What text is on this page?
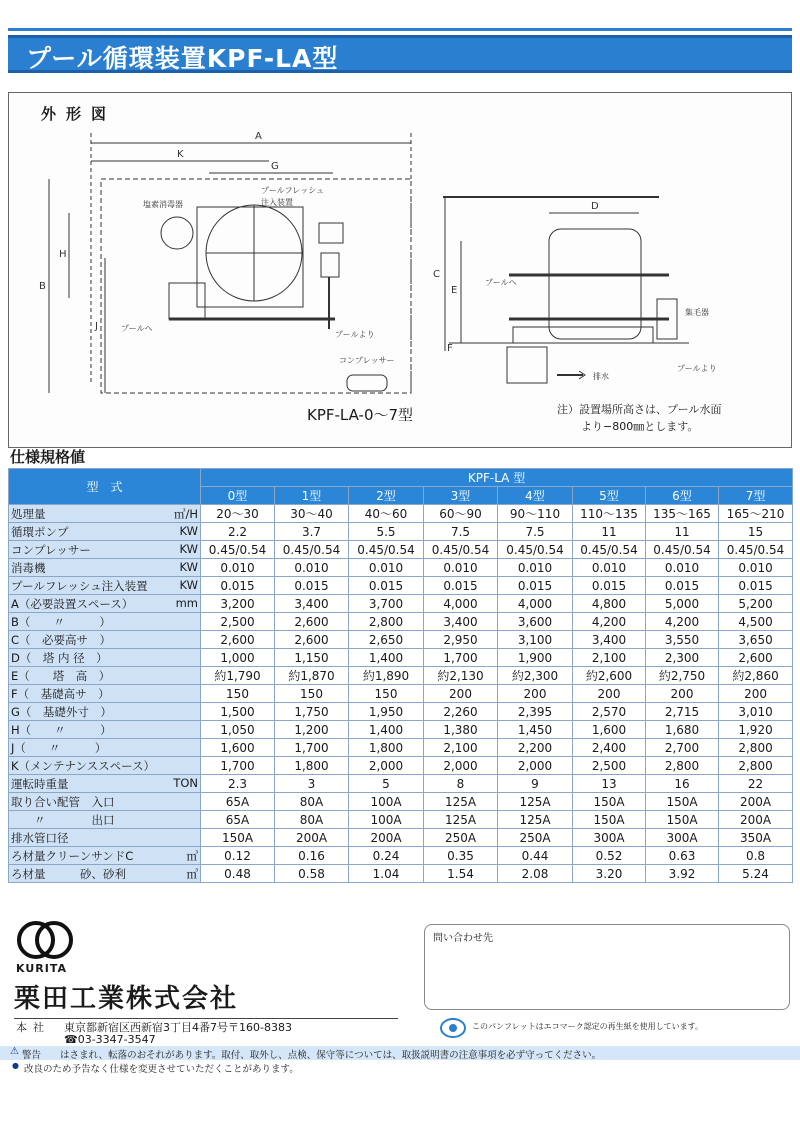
プール循環装置KPF-LA型
外形図
A
K
G
B
H
J
C
E
D
F
塩素消毒器
プールフレッシュ
注入装置
プールへ
プールより
コンプレッサー
プールへ
集毛器
プールより
排水
KPF-LA-0〜7型	注）設置場所高さは、プール水面
より−800㎜とします。
仕様規格値
型　式	KPF-LA 型							
	0型	1型	2型	3型	4型	5型	6型	7型

㎥/H
処理量	20〜30	30〜40	40〜60	60〜90	90〜110	110〜135	135〜165	165〜210

KW
循環ポンプ	2.2	3.7	5.5	7.5	7.5	11	11	15

KW
コンプレッサー	0.45/0.54	0.45/0.54	0.45/0.54	0.45/0.54	0.45/0.54	0.45/0.54	0.45/0.54	0.45/0.54

KW
消毒機	0.010	0.010	0.010	0.010	0.010	0.010	0.010	0.010

KW
プールフレッシュ注入装置	0.015	0.015	0.015	0.015	0.015	0.015	0.015	0.015

mm
A（必要設置スペース）	3,200	3,400	3,700	4,000	4,000	4,800	5,000	5,200

B（　　〃　　　）	2,500	2,600	2,800	3,400	3,600	4,200	4,200	4,500

C（　必要高サ　）	2,600	2,600	2,650	2,950	3,100	3,400	3,550	3,650

D（　塔 内 径　）	1,000	1,150	1,400	1,700	1,900	2,100	2,300	2,600

E（　　塔　高　）	約1,790	約1,870	約1,890	約2,130	約2,300	約2,600	約2,750	約2,860

F（　基礎高サ　）	150	150	150	200	200	200	200	200

G（　基礎外寸　）	1,500	1,750	1,950	2,260	2,395	2,570	2,715	3,010

H（　　〃　　　）	1,050	1,200	1,400	1,380	1,450	1,600	1,680	1,920

J（　　〃　　　）	1,600	1,700	1,800	2,100	2,200	2,400	2,700	2,800

K（メンテナンススペース）	1,700	1,800	2,000	2,000	2,000	2,500	2,800	2,800

TON
運転時重量	2.3	3	5	8	9	13	16	22

取り合い配管　入口	65A	80A	100A	125A	125A	150A	150A	200A

　　〃　　　　出口	65A	80A	100A	125A	125A	150A	150A	200A

排水管口径	150A	200A	200A	250A	250A	300A	300A	350A

㎥
ろ材量クリーンサンドC	0.12	0.16	0.24	0.35	0.44	0.52	0.63	0.8

㎥
ろ材量　　　砂、砂利	0.48	0.58	1.04	1.54	2.08	3.20	3.92	5.24
KURITA
栗田工業株式会社
本社 東京都新宿区西新宿3丁目4番7号〒160-8383
☎03-3347-3547
問い合わせ先
このパンフレットはエコマーク認定の再生紙を使用しています。
⚠ 警告 はさまれ、転落のおそれがあります。取付、取外し、点検、保守等については、取扱説明書の注意事項を必ず守ってください。
● 改良のため予告なく仕様を変更させていただくことがあります。
